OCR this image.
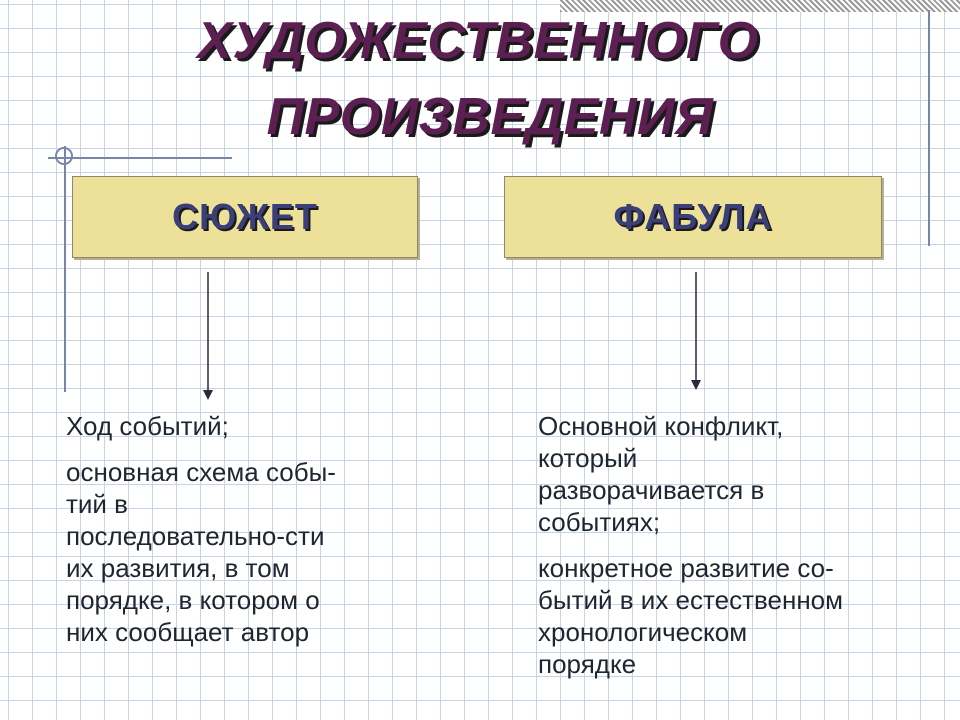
ХУДОЖЕСТВЕННОГО
ПРОИЗВЕДЕНИЯ
СЮЖЕТ	ФАБУЛА

Ход событий;

основная схема собы-
тий в
последовательно-сти
их развития, в том
порядке, в котором о
них сообщает автор

Основной конфликт,
который
разворачивается в
событиях;

конкретное развитие со-
бытий в их естественном
хронологическом
порядке
